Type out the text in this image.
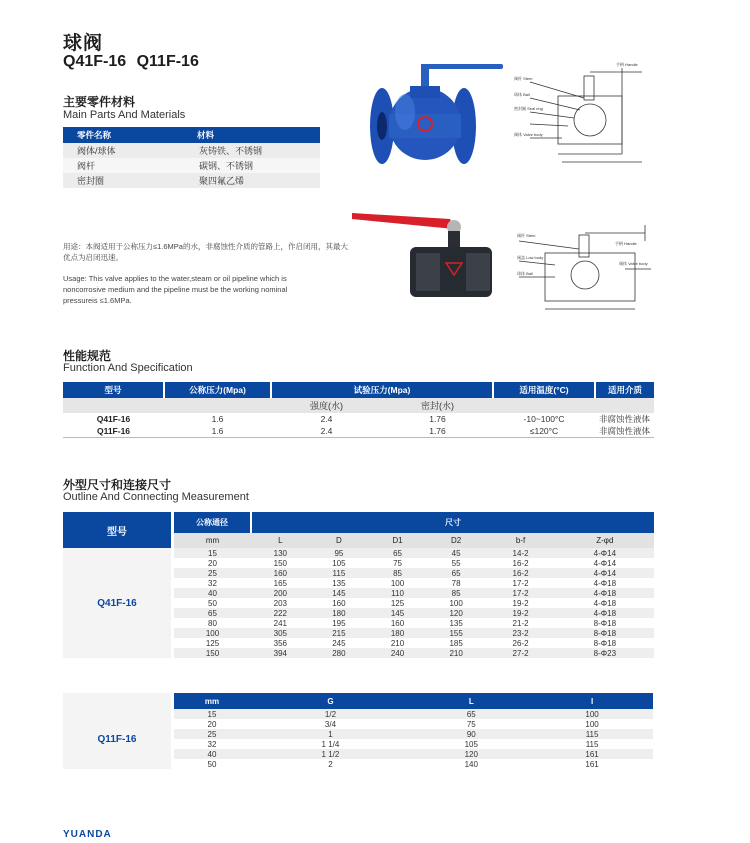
球阀
Q41F-16 Q11F-16
主要零件材料
Main Parts And Materials
零件名称	材料
阀体/球体	灰铸铁、不锈钢
阀杆	碳钢、不锈钢
密封圈	聚四氟乙烯
用途：本阀适用于公称压力≤1.6MPa的水，非腐蚀性介质的管路上，作启闭用，其最大优点为启闭迅速。
Usage: This valve applies to the water,steam or oil pipeline which is noncorrosive medium and the pipeline must be the working nominal pressureis ≤1.6MPa.
阀杆 Stem
球体 Ball
密封圈 Seal ring
阀体 Valve body
手柄 Handle
阀杆 Stem
手柄 Handle
阀盖 Low body
球体 Ball
阀体 Valve body
性能规范
Function And Specification
型号	公称压力(Mpa)	试验压力(Mpa)		适用温度(°C)	适用介质
		强度(水)	密封(水)		
Q41F-16	1.6	2.4	1.76	-10~100°C	非腐蚀性液体
Q11F-16	1.6	2.4	1.76	≤120°C	非腐蚀性液体
外型尺寸和连接尺寸
Outline And Connecting Measurement
型号	公称通径	尺寸					
	mm	L	D	D1	D2	b-f	Z-φd
Q41F-16	15	130	95	65	45	14-2	4-Φ14
	20	150	105	75	55	16-2	4-Φ14
	25	160	115	85	65	16-2	4-Φ14
	32	165	135	100	78	17-2	4-Φ18
	40	200	145	110	85	17-2	4-Φ18
	50	203	160	125	100	19-2	4-Φ18
	65	222	180	145	120	19-2	4-Φ18
	80	241	195	160	135	21-2	8-Φ18
	100	305	215	180	155	23-2	8-Φ18
	125	356	245	210	185	26-2	8-Φ18
	150	394	280	240	210	27-2	8-Φ23
	mm	G	L	l
Q11F-16	15	1/2	65	100
	20	3/4	75	100
	25	1	90	115
	32	1 1/4	105	115
	40	1 1/2	120	161
	50	2	140	161
YUANDA
